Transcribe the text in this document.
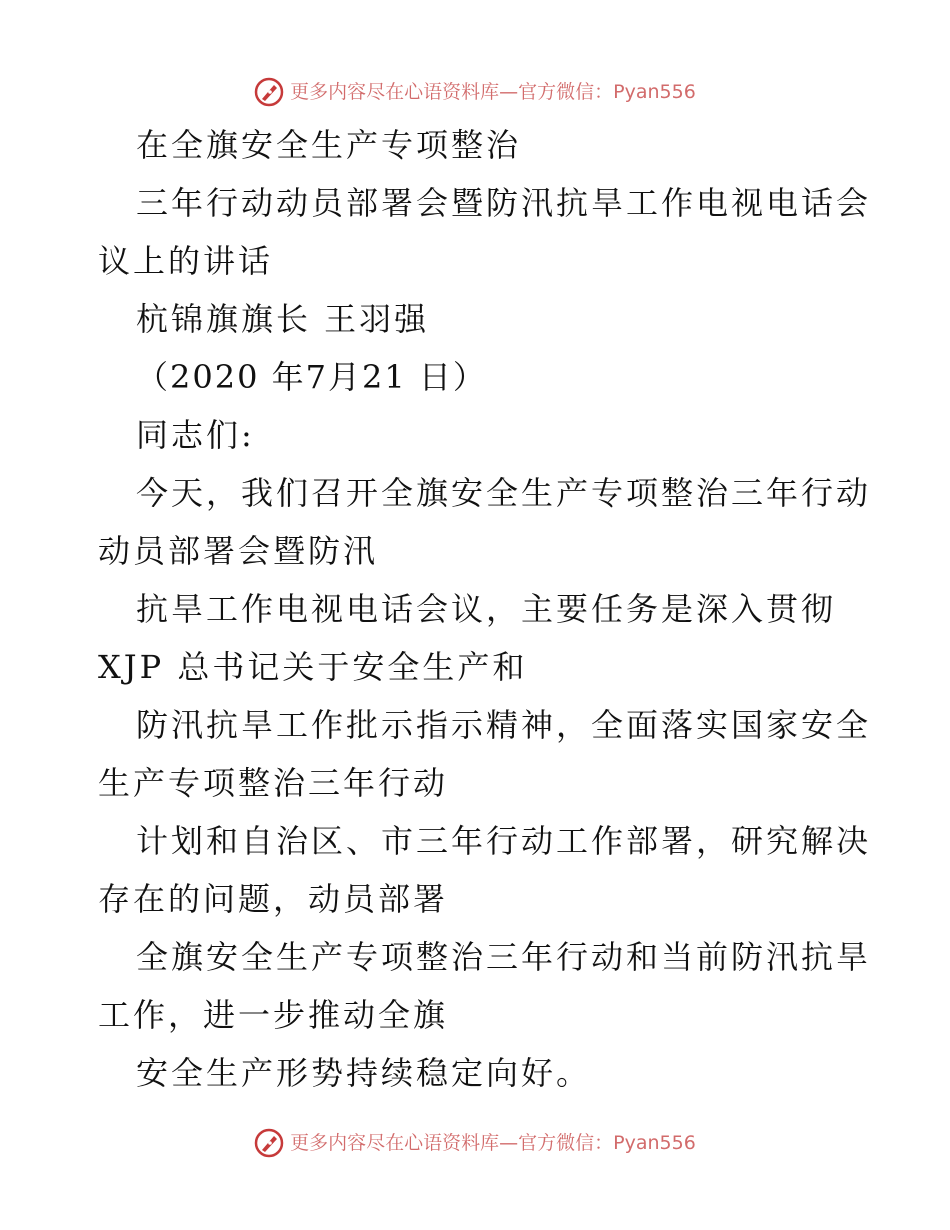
更多内容尽在心语资料库—官方微信：Pyan556
在全旗安全生产专项整治
三年行动动员部署会暨防汛抗旱工作电视电话会
议上的讲话
杭锦旗旗长 王羽强
（2020 年7月21 日）
同志们:
今天，我们召开全旗安全生产专项整治三年行动
动员部署会暨防汛
抗旱工作电视电话会议，主要任务是深入贯彻
XJP 总书记关于安全生产和
防汛抗旱工作批示指示精神，全面落实国家安全
生产专项整治三年行动
计划和自治区、市三年行动工作部署，研究解决
存在的问题，动员部署
全旗安全生产专项整治三年行动和当前防汛抗旱
工作，进一步推动全旗
安全生产形势持续稳定向好。
更多内容尽在心语资料库—官方微信：Pyan556
